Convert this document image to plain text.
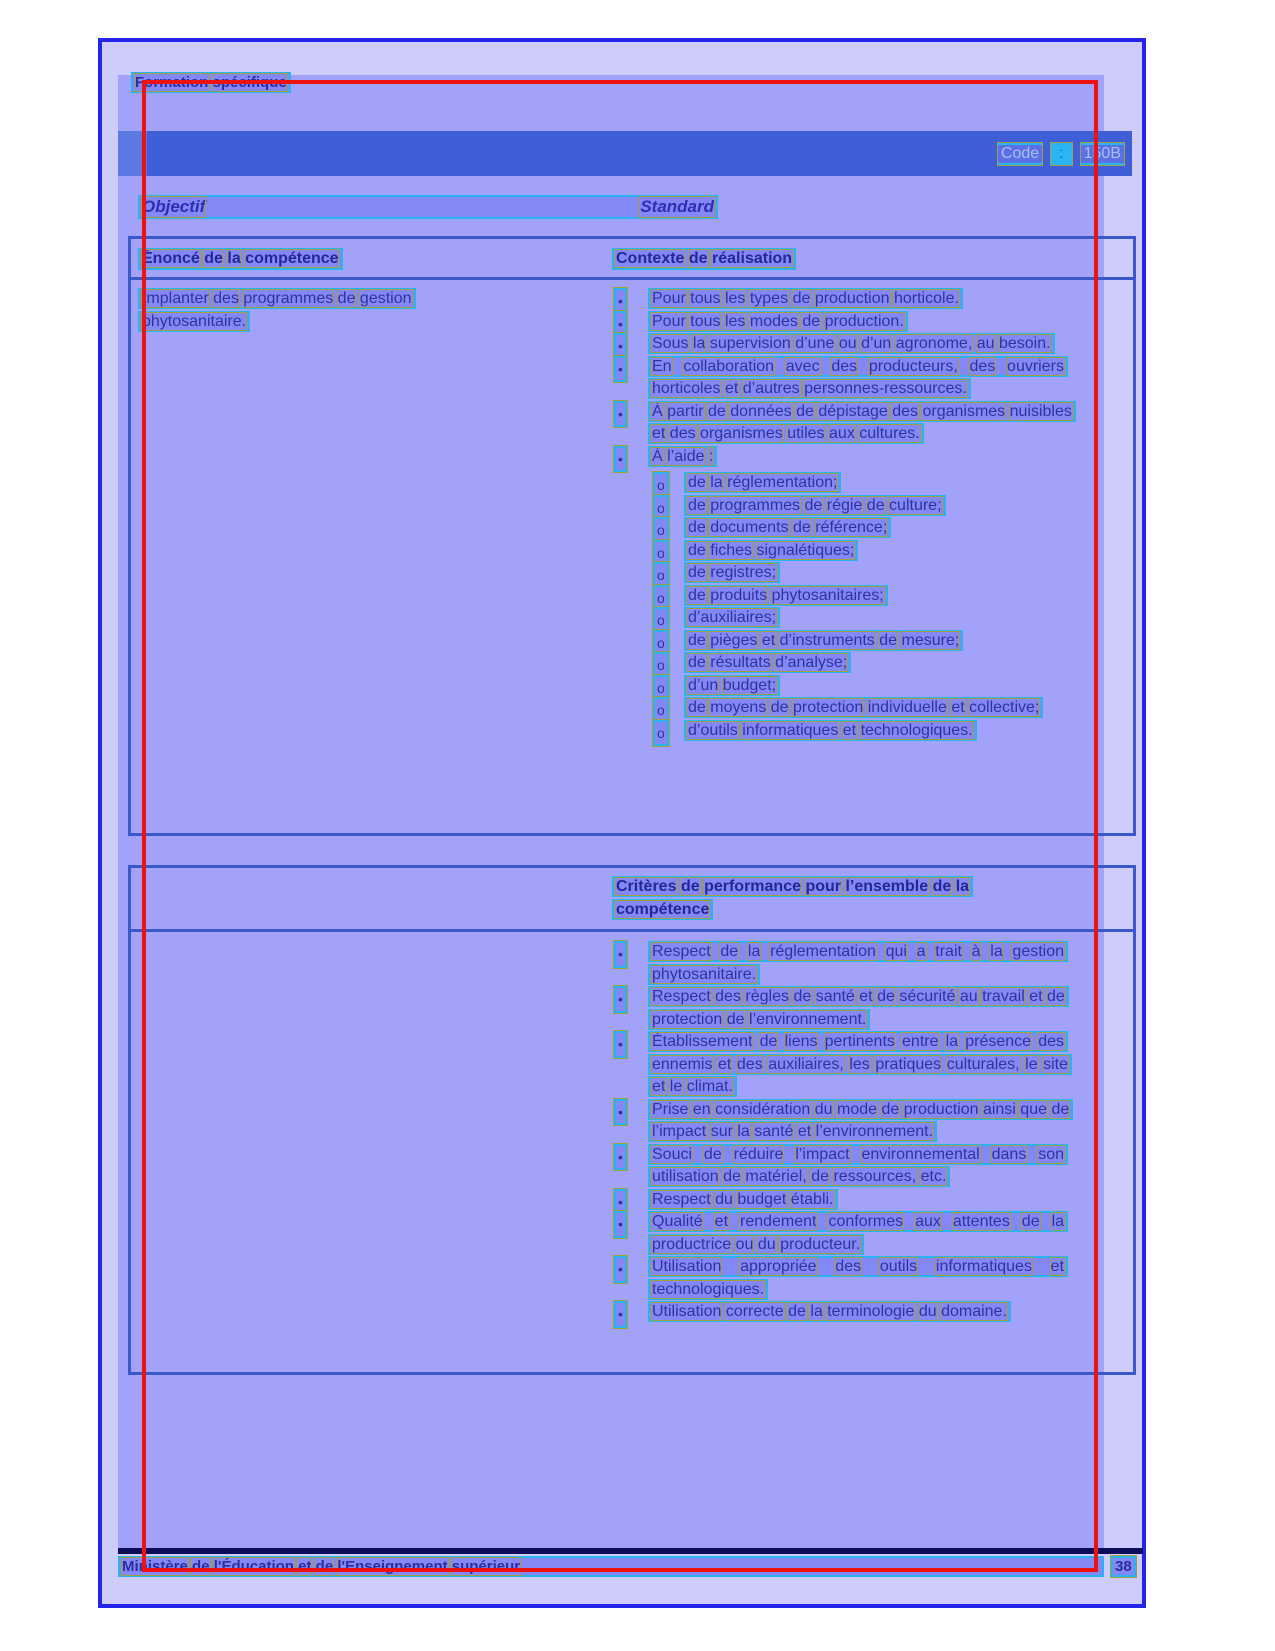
Formation spécifique
Code	:	150B
Objectif	Standard
Énoncé de la compétence	Contexte de réalisation
Implanter des programmes de gestion phytosanitaire.
• Pour tous les types de production horticole.
• Pour tous les modes de production.
• Sous la supervision d’une ou d’un agronome, au besoin.
• En collaboration avec des producteurs, des ouvriers horticoles et d’autres personnes-ressources.
• À partir de données de dépistage des organismes nuisibles et des organismes utiles aux cultures.
• À l’aide :
o de la réglementation;
o de programmes de régie de culture;
o de documents de référence;
o de fiches signalétiques;
o de registres;
o de produits phytosanitaires;
o d’auxiliaires;
o de pièges et d’instruments de mesure;
o de résultats d’analyse;
o d’un budget;
o de moyens de protection individuelle et collective;
o d’outils informatiques et technologiques.
Critères de performance pour l’ensemble de la compétence
• Respect de la réglementation qui a trait à la gestion phytosanitaire.
• Respect des règles de santé et de sécurité au travail et de protection de l’environnement.
• Établissement de liens pertinents entre la présence des ennemis et des auxiliaires, les pratiques culturales, le site et le climat.
• Prise en considération du mode de production ainsi que de l’impact sur la santé et l’environnement.
• Souci de réduire l’impact environnemental dans son utilisation de matériel, de ressources, etc.
• Respect du budget établi.
• Qualité et rendement conformes aux attentes de la productrice ou du producteur.
• Utilisation appropriée des outils informatiques et technologiques.
• Utilisation correcte de la terminologie du domaine.
Ministère de l'Éducation et de l'Enseignement supérieur	38
